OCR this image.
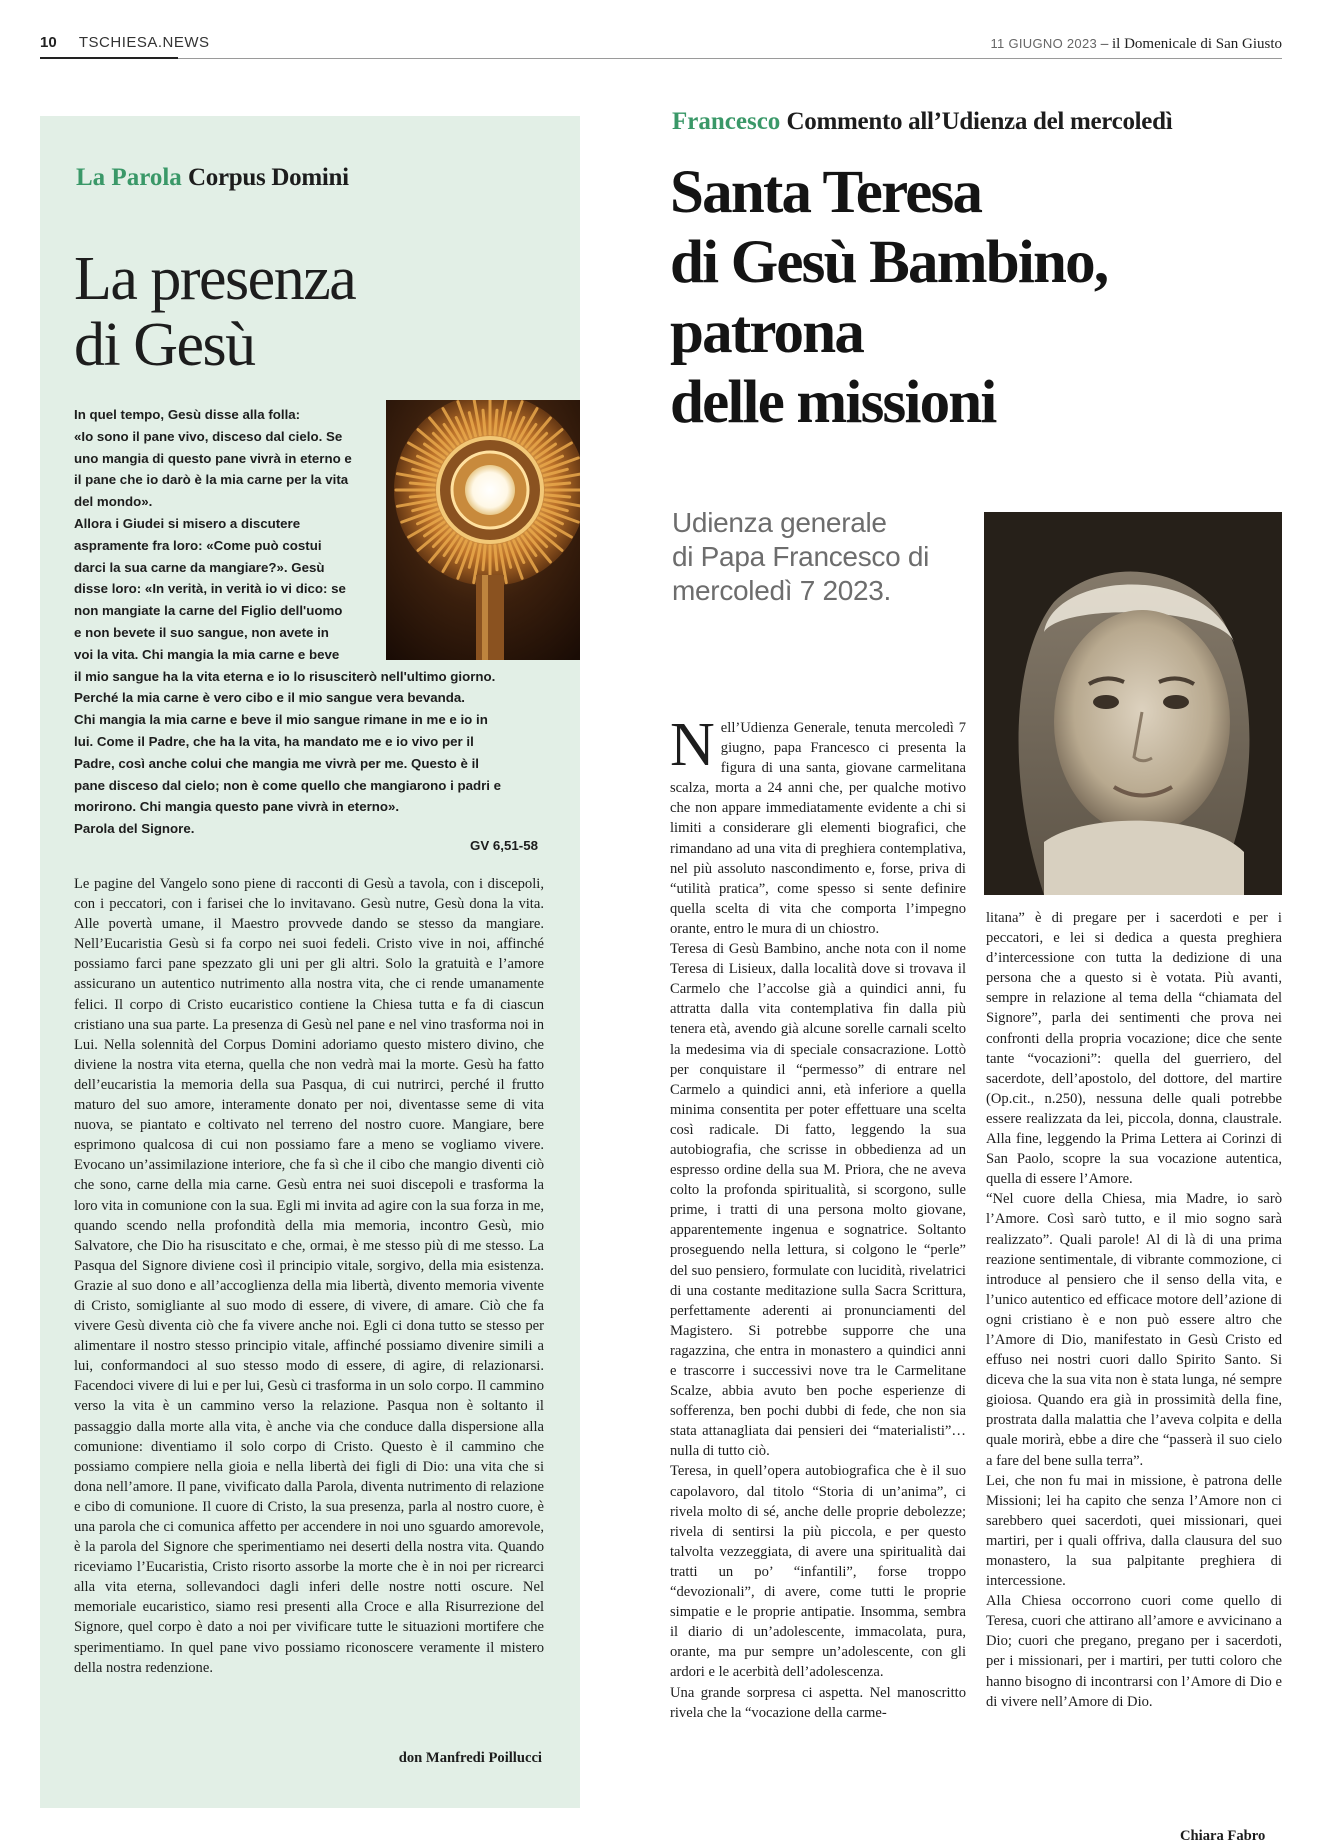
10 TSCHIESA.NEWS	11 GIUGNO 2023 – il Domenicale di San Giusto
La Parola Corpus Domini
La presenza
di Gesù
In quel tempo, Gesù disse alla folla:
«Io sono il pane vivo, disceso dal cielo. Se
uno mangia di questo pane vivrà in eterno e
il pane che io darò è la mia carne per la vita
del mondo».
Allora i Giudei si misero a discutere
aspramente fra loro: «Come può costui
darci la sua carne da mangiare?». Gesù
disse loro: «In verità, in verità io vi dico: se
non mangiate la carne del Figlio dell'uomo
e non bevete il suo sangue, non avete in
voi la vita. Chi mangia la mia carne e beve
il mio sangue ha la vita eterna e io lo risusciterò nell'ultimo giorno.
Perché la mia carne è vero cibo e il mio sangue vera bevanda.
Chi mangia la mia carne e beve il mio sangue rimane in me e io in
lui. Come il Padre, che ha la vita, ha mandato me e io vivo per il
Padre, così anche colui che mangia me vivrà per me. Questo è il
pane disceso dal cielo; non è come quello che mangiarono i padri e
morirono. Chi mangia questo pane vivrà in eterno».
Parola del Signore.
GV 6,51-58

Le pagine del Vangelo sono piene di racconti di Gesù a tavola, con i discepoli, con i peccatori, con i farisei che lo invitavano. Gesù nutre, Gesù dona la vita. Alle povertà umane, il Maestro provvede dando se stesso da mangiare. Nell’Eucaristia Gesù si fa corpo nei suoi fedeli. Cristo vive in noi, affinché possiamo farci pane spezzato gli uni per gli altri. Solo la gratuità e l’amore assicurano un autentico nutrimento alla nostra vita, che ci rende umanamente felici. Il corpo di Cristo eucaristico contiene la Chiesa tutta e fa di ciascun cristiano una sua parte. La presenza di Gesù nel pane e nel vino trasforma noi in Lui. Nella solennità del Corpus Domini adoriamo questo mistero divino, che diviene la nostra vita eterna, quella che non vedrà mai la morte. Gesù ha fatto dell’eucaristia la memoria della sua Pasqua, di cui nutrirci, perché il frutto maturo del suo amore, interamente donato per noi, diventasse seme di vita nuova, se piantato e coltivato nel terreno del nostro cuore. Mangiare, bere esprimono qualcosa di cui non possiamo fare a meno se vogliamo vivere. Evocano un’assimilazione interiore, che fa sì che il cibo che mangio diventi ciò che sono, carne della mia carne. Gesù entra nei suoi discepoli e trasforma la loro vita in comunione con la sua. Egli mi invita ad agire con la sua forza in me, quando scendo nella profondità della mia memoria, incontro Gesù, mio Salvatore, che Dio ha risuscitato e che, ormai, è me stesso più di me stesso. La Pasqua del Signore diviene così il principio vitale, sorgivo, della mia esistenza. Grazie al suo dono e all’accoglienza della mia libertà, divento memoria vivente di Cristo, somigliante al suo modo di essere, di vivere, di amare. Ciò che fa vivere Gesù diventa ciò che fa vivere anche noi. Egli ci dona tutto se stesso per alimentare il nostro stesso principio vitale, affinché possiamo divenire simili a lui, conformandoci al suo stesso modo di essere, di agire, di relazionarsi. Facendoci vivere di lui e per lui, Gesù ci trasforma in un solo corpo. Il cammino verso la vita è un cammino verso la relazione. Pasqua non è soltanto il passaggio dalla morte alla vita, è anche via che conduce dalla dispersione alla comunione: diventiamo il solo corpo di Cristo. Questo è il cammino che possiamo compiere nella gioia e nella libertà dei figli di Dio: una vita che si dona nell’amore. Il pane, vivificato dalla Parola, diventa nutrimento di relazione e cibo di comunione. Il cuore di Cristo, la sua presenza, parla al nostro cuore, è una parola che ci comunica affetto per accendere in noi uno sguardo amorevole, è la parola del Signore che sperimentiamo nei deserti della nostra vita. Quando riceviamo l’Eucaristia, Cristo risorto assorbe la morte che è in noi per ricrearci alla vita eterna, sollevandoci dagli inferi delle nostre notti oscure. Nel memoriale eucaristico, siamo resi presenti alla Croce e alla Risurrezione del Signore, quel corpo è dato a noi per vivificare tutte le situazioni mortifere che sperimentiamo. In quel pane vivo possiamo riconoscere veramente il mistero della nostra redenzione.

don Manfredi Poillucci
Francesco Commento all’Udienza del mercoledì
Santa Teresa
di Gesù Bambino,
patrona
delle missioni
Udienza generale
di Papa Francesco di
mercoledì 7 2023.

Nell’Udienza Generale, tenuta mercoledì 7 giugno, papa Francesco ci presenta la figura di una santa, giovane carmelitana scalza, morta a 24 anni che, per qualche motivo che non appare immediatamente evidente a chi si limiti a considerare gli elementi biografici, che rimandano ad una vita di preghiera contemplativa, nel più assoluto nascondimento e, forse, priva di “utilità pratica”, come spesso si sente definire quella scelta di vita che comporta l’impegno orante, entro le mura di un chiostro.

Teresa di Gesù Bambino, anche nota con il nome Teresa di Lisieux, dalla località dove si trovava il Carmelo che l’accolse già a quindici anni, fu attratta dalla vita contemplativa fin dalla più tenera età, avendo già alcune sorelle carnali scelto la medesima via di speciale consacrazione. Lottò per conquistare il “permesso” di entrare nel Carmelo a quindici anni, età inferiore a quella minima consentita per poter effettuare una scelta così radicale. Di fatto, leggendo la sua autobiografia, che scrisse in obbedienza ad un espresso ordine della sua M. Priora, che ne aveva colto la profonda spiritualità, si scorgono, sulle prime, i tratti di una persona molto giovane, apparentemente ingenua e sognatrice. Soltanto proseguendo nella lettura, si colgono le “perle” del suo pensiero, formulate con lucidità, rivelatrici di una costante meditazione sulla Sacra Scrittura, perfettamente aderenti ai pronunciamenti del Magistero. Si potrebbe supporre che una ragazzina, che entra in monastero a quindici anni e trascorre i successivi nove tra le Carmelitane Scalze, abbia avuto ben poche esperienze di sofferenza, ben pochi dubbi di fede, che non sia stata attanagliata dai pensieri dei “materialisti”…nulla di tutto ciò.

Teresa, in quell’opera autobiografica che è il suo capolavoro, dal titolo “Storia di un’anima”, ci rivela molto di sé, anche delle proprie debolezze; rivela di sentirsi la più piccola, e per questo talvolta vezzeggiata, di avere una spiritualità dai tratti un po’ “infantili”, forse troppo “devozionali”, di avere, come tutti le proprie simpatie e le proprie antipatie. Insomma, sembra il diario di un’adolescente, immacolata, pura, orante, ma pur sempre un’adolescente, con gli ardori e le acerbità dell’adolescenza.

Una grande sorpresa ci aspetta. Nel manoscritto rivela che la “vocazione della carme-

litana” è di pregare per i sacerdoti e per i peccatori, e lei si dedica a questa preghiera d’intercessione con tutta la dedizione di una persona che a questo si è votata. Più avanti, sempre in relazione al tema della “chiamata del Signore”, parla dei sentimenti che prova nei confronti della propria vocazione; dice che sente tante “vocazioni”: quella del guerriero, del sacerdote, dell’apostolo, del dottore, del martire (Op.cit., n.250), nessuna delle quali potrebbe essere realizzata da lei, piccola, donna, claustrale. Alla fine, leggendo la Prima Lettera ai Corinzi di San Paolo, scopre la sua vocazione autentica, quella di essere l’Amore.

“Nel cuore della Chiesa, mia Madre, io sarò l’Amore. Così sarò tutto, e il mio sogno sarà realizzato”. Quali parole! Al di là di una prima reazione sentimentale, di vibrante commozione, ci introduce al pensiero che il senso della vita, e l’unico autentico ed efficace motore dell’azione di ogni cristiano è e non può essere altro che l’Amore di Dio, manifestato in Gesù Cristo ed effuso nei nostri cuori dallo Spirito Santo. Si diceva che la sua vita non è stata lunga, né sempre gioiosa. Quando era già in prossimità della fine, prostrata dalla malattia che l’aveva colpita e della quale morirà, ebbe a dire che “passerà il suo cielo a fare del bene sulla terra”.

Lei, che non fu mai in missione, è patrona delle Missioni; lei ha capito che senza l’Amore non ci sarebbero quei sacerdoti, quei missionari, quei martiri, per i quali offriva, dalla clausura del suo monastero, la sua palpitante preghiera di intercessione.

Alla Chiesa occorrono cuori come quello di Teresa, cuori che attirano all’amore e avvicinano a Dio; cuori che pregano, pregano per i sacerdoti, per i missionari, per i martiri, per tutti coloro che hanno bisogno di incontrarsi con l’Amore di Dio e di vivere nell’Amore di Dio.

Chiara Fabro
